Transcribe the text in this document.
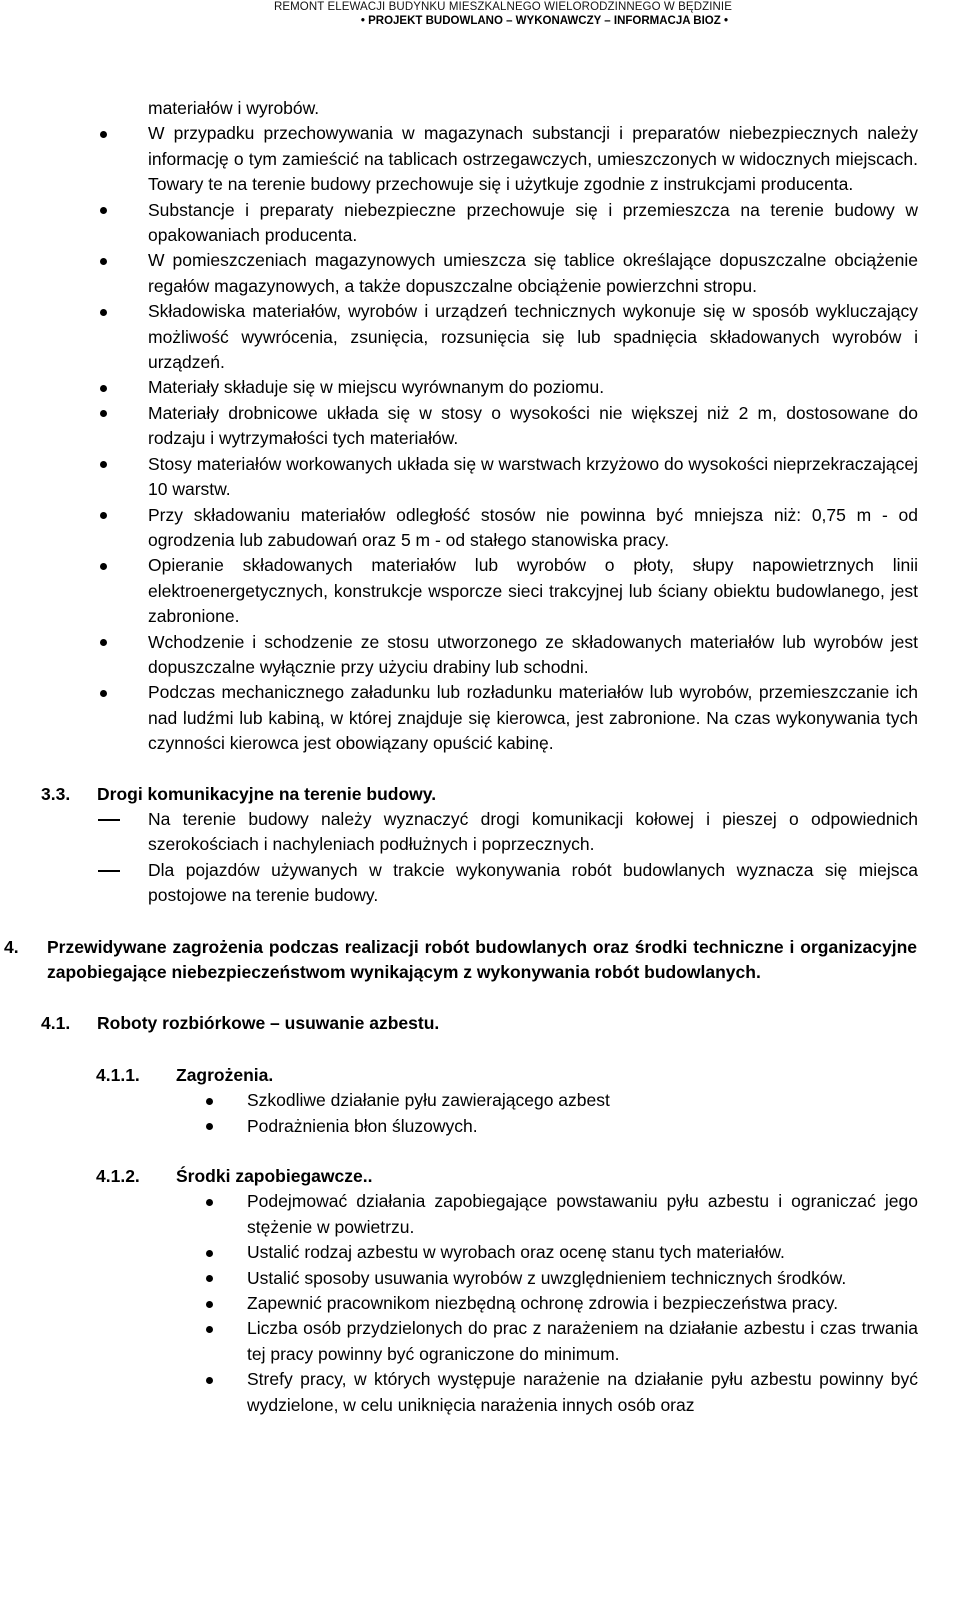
REMONT ELEWACJI BUDYNKU MIESZKALNEGO WIELORODZINNEGO W BĘDZINIE
• PROJEKT BUDOWLANO – WYKONAWCZY – INFORMACJA BIOZ •
materiałów i wyrobów.
W przypadku przechowywania w magazynach substancji i preparatów niebezpiecznych należy informację o tym zamieścić na tablicach ostrzegawczych, umieszczonych w widocznych miejscach. Towary te na terenie budowy przechowuje się i użytkuje zgodnie z instrukcjami producenta.
Substancje i preparaty niebezpieczne przechowuje się i przemieszcza na terenie budowy w opakowaniach producenta.
W pomieszczeniach magazynowych umieszcza się tablice określające dopuszczalne obciążenie regałów magazynowych, a także dopuszczalne obciążenie powierzchni stropu.
Składowiska materiałów, wyrobów i urządzeń technicznych wykonuje się w sposób wykluczający możliwość wywrócenia, zsunięcia, rozsunięcia się lub spadnięcia składowanych wyrobów i urządzeń.
Materiały składuje się w miejscu wyrównanym do poziomu.
Materiały drobnicowe układa się w stosy o wysokości nie większej niż 2 m, dostosowane do rodzaju i wytrzymałości tych materiałów.
Stosy materiałów workowanych układa się w warstwach krzyżowo do wysokości nieprzekraczającej 10 warstw.
Przy składowaniu materiałów odległość stosów nie powinna być mniejsza niż: 0,75 m - od ogrodzenia lub zabudowań oraz 5 m - od stałego stanowiska pracy.
Opieranie składowanych materiałów lub wyrobów o płoty, słupy napowietrznych linii elektroenergetycznych, konstrukcje wsporcze sieci trakcyjnej lub ściany obiektu budowlanego, jest zabronione.
Wchodzenie i schodzenie ze stosu utworzonego ze składowanych materiałów lub wyrobów jest dopuszczalne wyłącznie przy użyciu drabiny lub schodni.
Podczas mechanicznego załadunku lub rozładunku materiałów lub wyrobów, przemieszczanie ich nad ludźmi lub kabiną, w której znajduje się kierowca, jest zabronione. Na czas wykonywania tych czynności kierowca jest obowiązany opuścić kabinę.
3.3. Drogi komunikacyjne na terenie budowy.
Na terenie budowy należy wyznaczyć drogi komunikacji kołowej i pieszej o odpowiednich szerokościach i nachyleniach podłużnych i poprzecznych.
Dla pojazdów używanych w trakcie wykonywania robót budowlanych wyznacza się miejsca postojowe na terenie budowy.
4. Przewidywane zagrożenia podczas realizacji robót budowlanych oraz środki techniczne i organizacyjne zapobiegające niebezpieczeństwom wynikającym z wykonywania robót budowlanych.
4.1. Roboty rozbiórkowe – usuwanie azbestu.
4.1.1. Zagrożenia.
Szkodliwe działanie pyłu zawierającego azbest
Podrażnienia błon śluzowych.
4.1.2. Środki zapobiegawcze..
Podejmować działania zapobiegające powstawaniu pyłu azbestu i ograniczać jego stężenie w powietrzu.
Ustalić rodzaj azbestu w wyrobach oraz ocenę stanu tych materiałów.
Ustalić sposoby usuwania wyrobów z uwzględnieniem technicznych środków.
Zapewnić pracownikom niezbędną ochronę zdrowia i bezpieczeństwa pracy.
Liczba osób przydzielonych do prac z narażeniem na działanie azbestu i czas trwania tej pracy powinny być ograniczone do minimum.
Strefy pracy, w których występuje narażenie na działanie pyłu azbestu powinny być wydzielone, w celu uniknięcia narażenia innych osób oraz
